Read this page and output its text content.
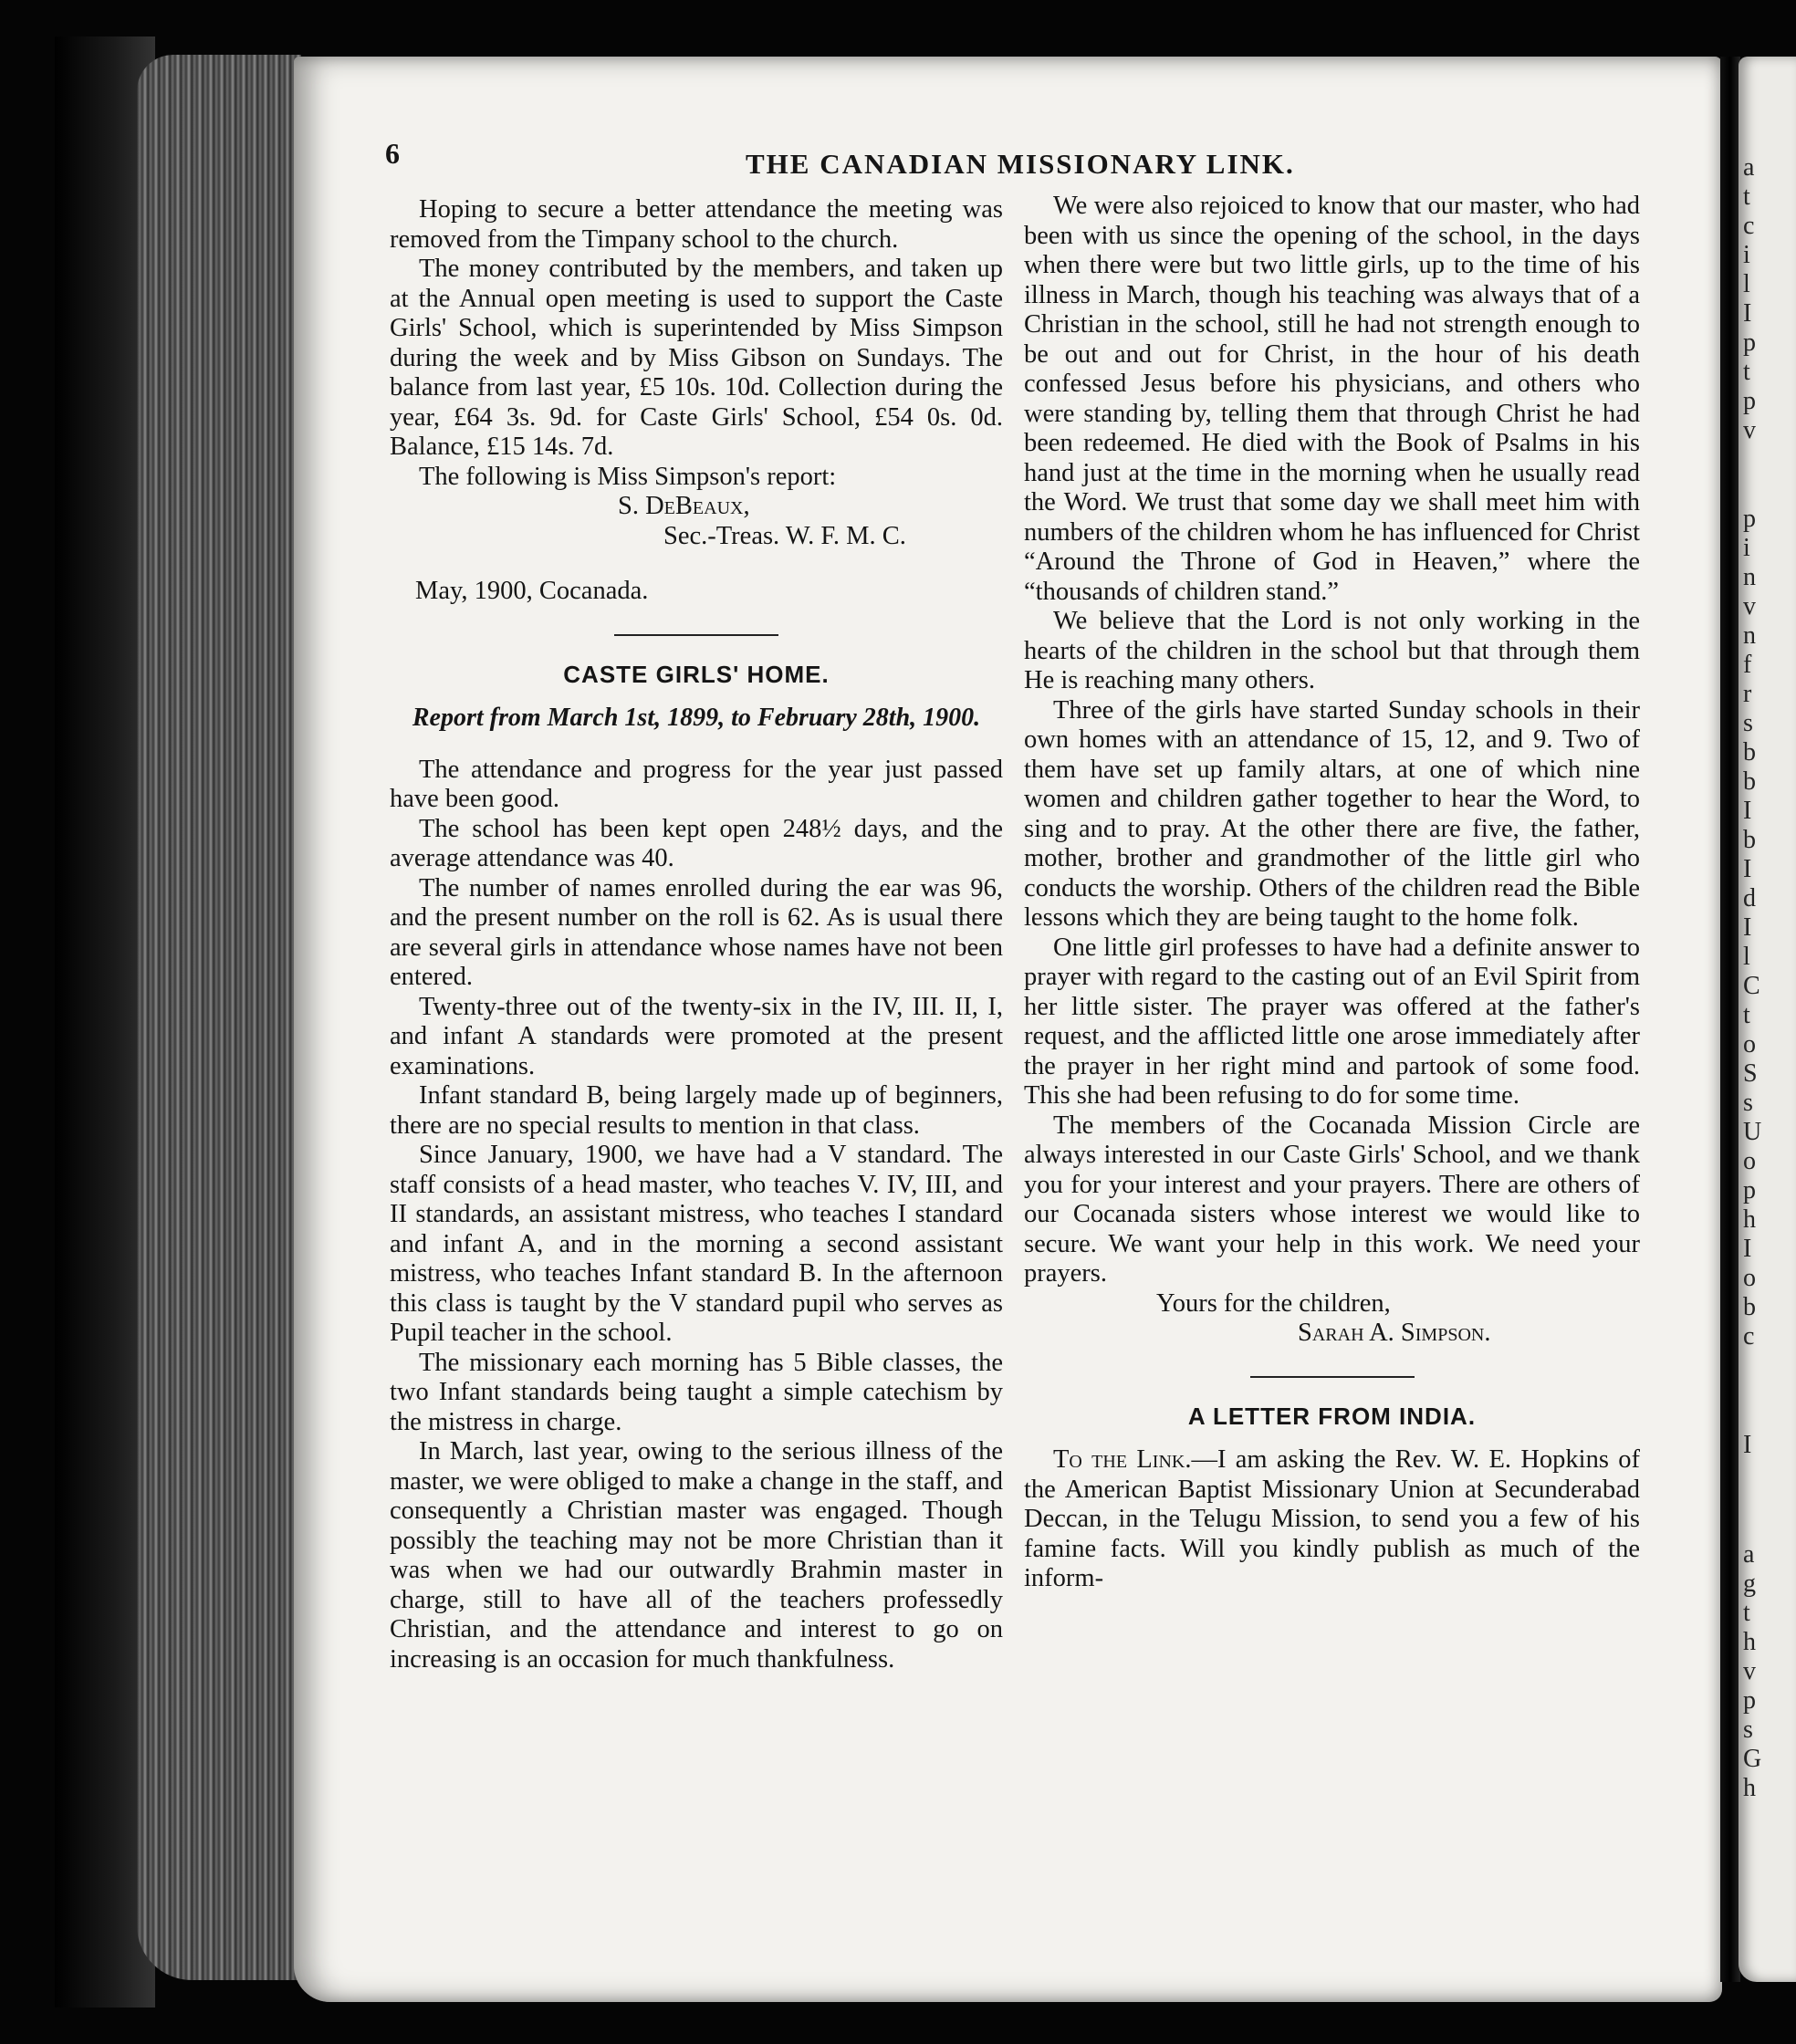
6	THE CANADIAN MISSIONARY LINK.

Hoping to secure a better attendance the meeting was removed from the Timpany school to the church.

The money contributed by the members, and taken up at the Annual open meeting is used to support the Caste Girls' School, which is superintended by Miss Simpson during the week and by Miss Gibson on Sundays. The balance from last year, £5 10s. 10d. Collection during the year, £64 3s. 9d. for Caste Girls' School, £54 0s. 0d. Balance, £15 14s. 7d.

The following is Miss Simpson's report:

S. DeBeaux,

Sec.-Treas. W. F. M. C.

May, 1900, Cocanada.

CASTE GIRLS' HOME.

Report from March 1st, 1899, to February 28th, 1900.

The attendance and progress for the year just passed have been good.

The school has been kept open 248½ days, and the average attendance was 40.

The number of names enrolled during the ear was 96, and the present number on the roll is 62. As is usual there are several girls in attendance whose names have not been entered.

Twenty-three out of the twenty-six in the IV, III. II, I, and infant A standards were promoted at the present examinations.

Infant standard B, being largely made up of beginners, there are no special results to mention in that class.

Since January, 1900, we have had a V standard. The staff consists of a head master, who teaches V. IV, III, and II standards, an assistant mistress, who teaches I standard and infant A, and in the morning a second assistant mistress, who teaches Infant standard B. In the afternoon this class is taught by the V standard pupil who serves as Pupil teacher in the school.

The missionary each morning has 5 Bible classes, the two Infant standards being taught a simple catechism by the mistress in charge.

In March, last year, owing to the serious illness of the master, we were obliged to make a change in the staff, and consequently a Christian master was engaged. Though possibly the teaching may not be more Christian than it was when we had our outwardly Brahmin master in charge, still to have all of the teachers professedly Christian, and the attendance and interest to go on increasing is an occasion for much thankfulness.

We were also rejoiced to know that our master, who had been with us since the opening of the school, in the days when there were but two little girls, up to the time of his illness in March, though his teaching was always that of a Christian in the school, still he had not strength enough to be out and out for Christ, in the hour of his death confessed Jesus before his physicians, and others who were standing by, telling them that through Christ he had been redeemed. He died with the Book of Psalms in his hand just at the time in the morning when he usually read the Word. We trust that some day we shall meet him with numbers of the children whom he has influenced for Christ “Around the Throne of God in Heaven,” where the “thousands of children stand.”

We believe that the Lord is not only working in the hearts of the children in the school but that through them He is reaching many others.

Three of the girls have started Sunday schools in their own homes with an attendance of 15, 12, and 9. Two of them have set up family altars, at one of which nine women and children gather together to hear the Word, to sing and to pray. At the other there are five, the father, mother, brother and grandmother of the little girl who conducts the worship. Others of the children read the Bible lessons which they are being taught to the home folk.

One little girl professes to have had a definite answer to prayer with regard to the casting out of an Evil Spirit from her little sister. The prayer was offered at the father's request, and the afflicted little one arose immediately after the prayer in her right mind and partook of some food. This she had been refusing to do for some time.

The members of the Cocanada Mission Circle are always interested in our Caste Girls' School, and we thank you for your interest and your prayers. There are others of our Cocanada sisters whose interest we would like to secure. We want your help in this work. We need your prayers.

Yours for the children,

Sarah A. Simpson.

A LETTER FROM INDIA.

To the Link.—I am asking the Rev. W. E. Hopkins of the American Baptist Missionary Union at Secunderabad Deccan, in the Telugu Mission, to send you a few of his famine facts. Will you kindly publish as much of the inform-

a
t
c
i
l
I
p
t
p
v
p
i
n
v
n
f
r
s
b
b
I
b
I
d
I
l
C
t
o
S
s
U
o
p
h
I
o
b
c
I
a
g
t
h
v
p
s
G
h
